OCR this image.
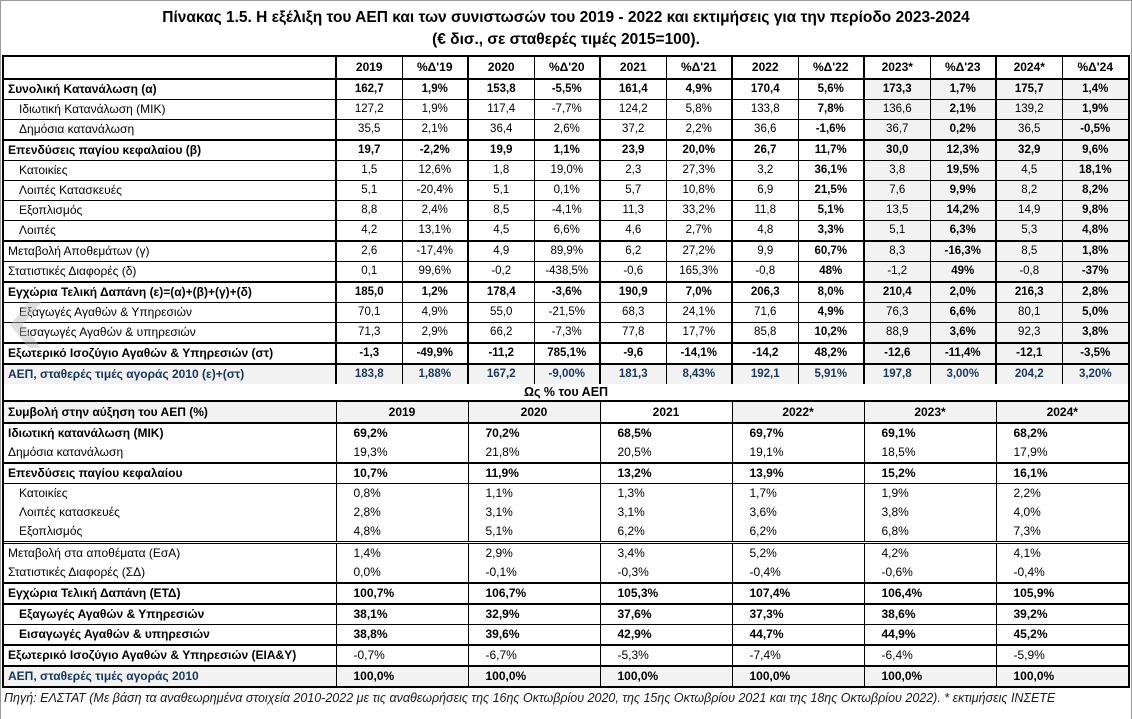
Πίνακας 1.5. Η εξέλιξη του ΑΕΠ και των συνιστωσών του 2019 - 2022 και εκτιμήσεις για την περίοδο 2023-2024
(€ δισ., σε σταθερές τιμές 2015=100).
	2019	%Δ'19	2020	%Δ'20	2021	%Δ'21	2022	%Δ'22	2023*	%Δ'23	2024*	%Δ'24
Συνολική Κατανάλωση (α)	162,7	1,9%	153,8	-5,5%	161,4	4,9%	170,4	5,6%	173,3	1,7%	175,7	1,4%
Ιδιωτική Κατανάλωση (ΜΙΚ)	127,2	1,9%	117,4	-7,7%	124,2	5,8%	133,8	7,8%	136,6	2,1%	139,2	1,9%
Δημόσια κατανάλωση	35,5	2,1%	36,4	2,6%	37,2	2,2%	36,6	-1,6%	36,7	0,2%	36,5	-0,5%
Επενδύσεις παγίου κεφαλαίου (β)	19,7	-2,2%	19,9	1,1%	23,9	20,0%	26,7	11,7%	30,0	12,3%	32,9	9,6%
Κατοικίες	1,5	12,6%	1,8	19,0%	2,3	27,3%	3,2	36,1%	3,8	19,5%	4,5	18,1%
Λοιπές Κατασκευές	5,1	-20,4%	5,1	0,1%	5,7	10,8%	6,9	21,5%	7,6	9,9%	8,2	8,2%
Εξοπλισμός	8,8	2,4%	8,5	-4,1%	11,3	33,2%	11,8	5,1%	13,5	14,2%	14,9	9,8%
Λοιπές	4,2	13,1%	4,5	6,6%	4,6	2,7%	4,8	3,3%	5,1	6,3%	5,3	4,8%
Μεταβολή Αποθεμάτων (γ)	2,6	-17,4%	4,9	89,9%	6,2	27,2%	9,9	60,7%	8,3	-16,3%	8,5	1,8%
Στατιστικές Διαφορές (δ)	0,1	99,6%	-0,2	-438,5%	-0,6	165,3%	-0,8	48%	-1,2	49%	-0,8	-37%
Εγχώρια Τελική Δαπάνη (ε)=(α)+(β)+(γ)+(δ)	185,0	1,2%	178,4	-3,6%	190,9	7,0%	206,3	8,0%	210,4	2,0%	216,3	2,8%
Εξαγωγές Αγαθών & Υπηρεσιών	70,1	4,9%	55,0	-21,5%	68,3	24,1%	71,6	4,9%	76,3	6,6%	80,1	5,0%
Εισαγωγές Αγαθών & υπηρεσιών	71,3	2,9%	66,2	-7,3%	77,8	17,7%	85,8	10,2%	88,9	3,6%	92,3	3,8%
Εξωτερικό Ισοζύγιο Αγαθών & Υπηρεσιών (στ)	-1,3	-49,9%	-11,2	785,1%	-9,6	-14,1%	-14,2	48,2%	-12,6	-11,4%	-12,1	-3,5%
ΑΕΠ, σταθερές τιμές αγοράς 2010 (ε)+(στ)	183,8	1,88%	167,2	-9,00%	181,3	8,43%	192,1	5,91%	197,8	3,00%	204,2	3,20%
Ως % του ΑΕΠ
Συμβολή στην αύξηση του ΑΕΠ (%)	2019	2020	2021	2022*	2023*	2024*
Ιδιωτική κατανάλωση (ΜΙΚ)	69,2%	70,2%	68,5%	69,7%	69,1%	68,2%
Δημόσια κατανάλωση	19,3%	21,8%	20,5%	19,1%	18,5%	17,9%
Επενδύσεις παγίου κεφαλαίου	10,7%	11,9%	13,2%	13,9%	15,2%	16,1%
Κατοικίες	0,8%	1,1%	1,3%	1,7%	1,9%	2,2%
Λοιπές κατασκευές	2,8%	3,1%	3,1%	3,6%	3,8%	4,0%
Εξοπλισμός	4,8%	5,1%	6,2%	6,2%	6,8%	7,3%
Μεταβολή στα αποθέματα (ΕσΑ)	1,4%	2,9%	3,4%	5,2%	4,2%	4,1%
Στατιστικές Διαφορές (ΣΔ)	0,0%	-0,1%	-0,3%	-0,4%	-0,6%	-0,4%
Εγχώρια Τελική Δαπάνη (ΕΤΔ)	100,7%	106,7%	105,3%	107,4%	106,4%	105,9%
Εξαγωγές Αγαθών & Υπηρεσιών	38,1%	32,9%	37,6%	37,3%	38,6%	39,2%
Εισαγωγές Αγαθών & υπηρεσιών	38,8%	39,6%	42,9%	44,7%	44,9%	45,2%
Εξωτερικό Ισοζύγιο Αγαθών & Υπηρεσιών (ΕΙΑ&Υ)	-0,7%	-6,7%	-5,3%	-7,4%	-6,4%	-5,9%
ΑΕΠ, σταθερές τιμές αγοράς 2010	100,0%	100,0%	100,0%	100,0%	100,0%	100,0%
Πηγή: ΕΛΣΤΑΤ (Με βάση τα αναθεωρημένα στοιχεία 2010-2022 με τις αναθεωρήσεις της 16ης Οκτωβρίου 2020, της 15ης Οκτωβρίου 2021 και της 18ης Οκτωβρίου 2022). * εκτιμήσεις ΙΝΣΕΤΕ
❮
